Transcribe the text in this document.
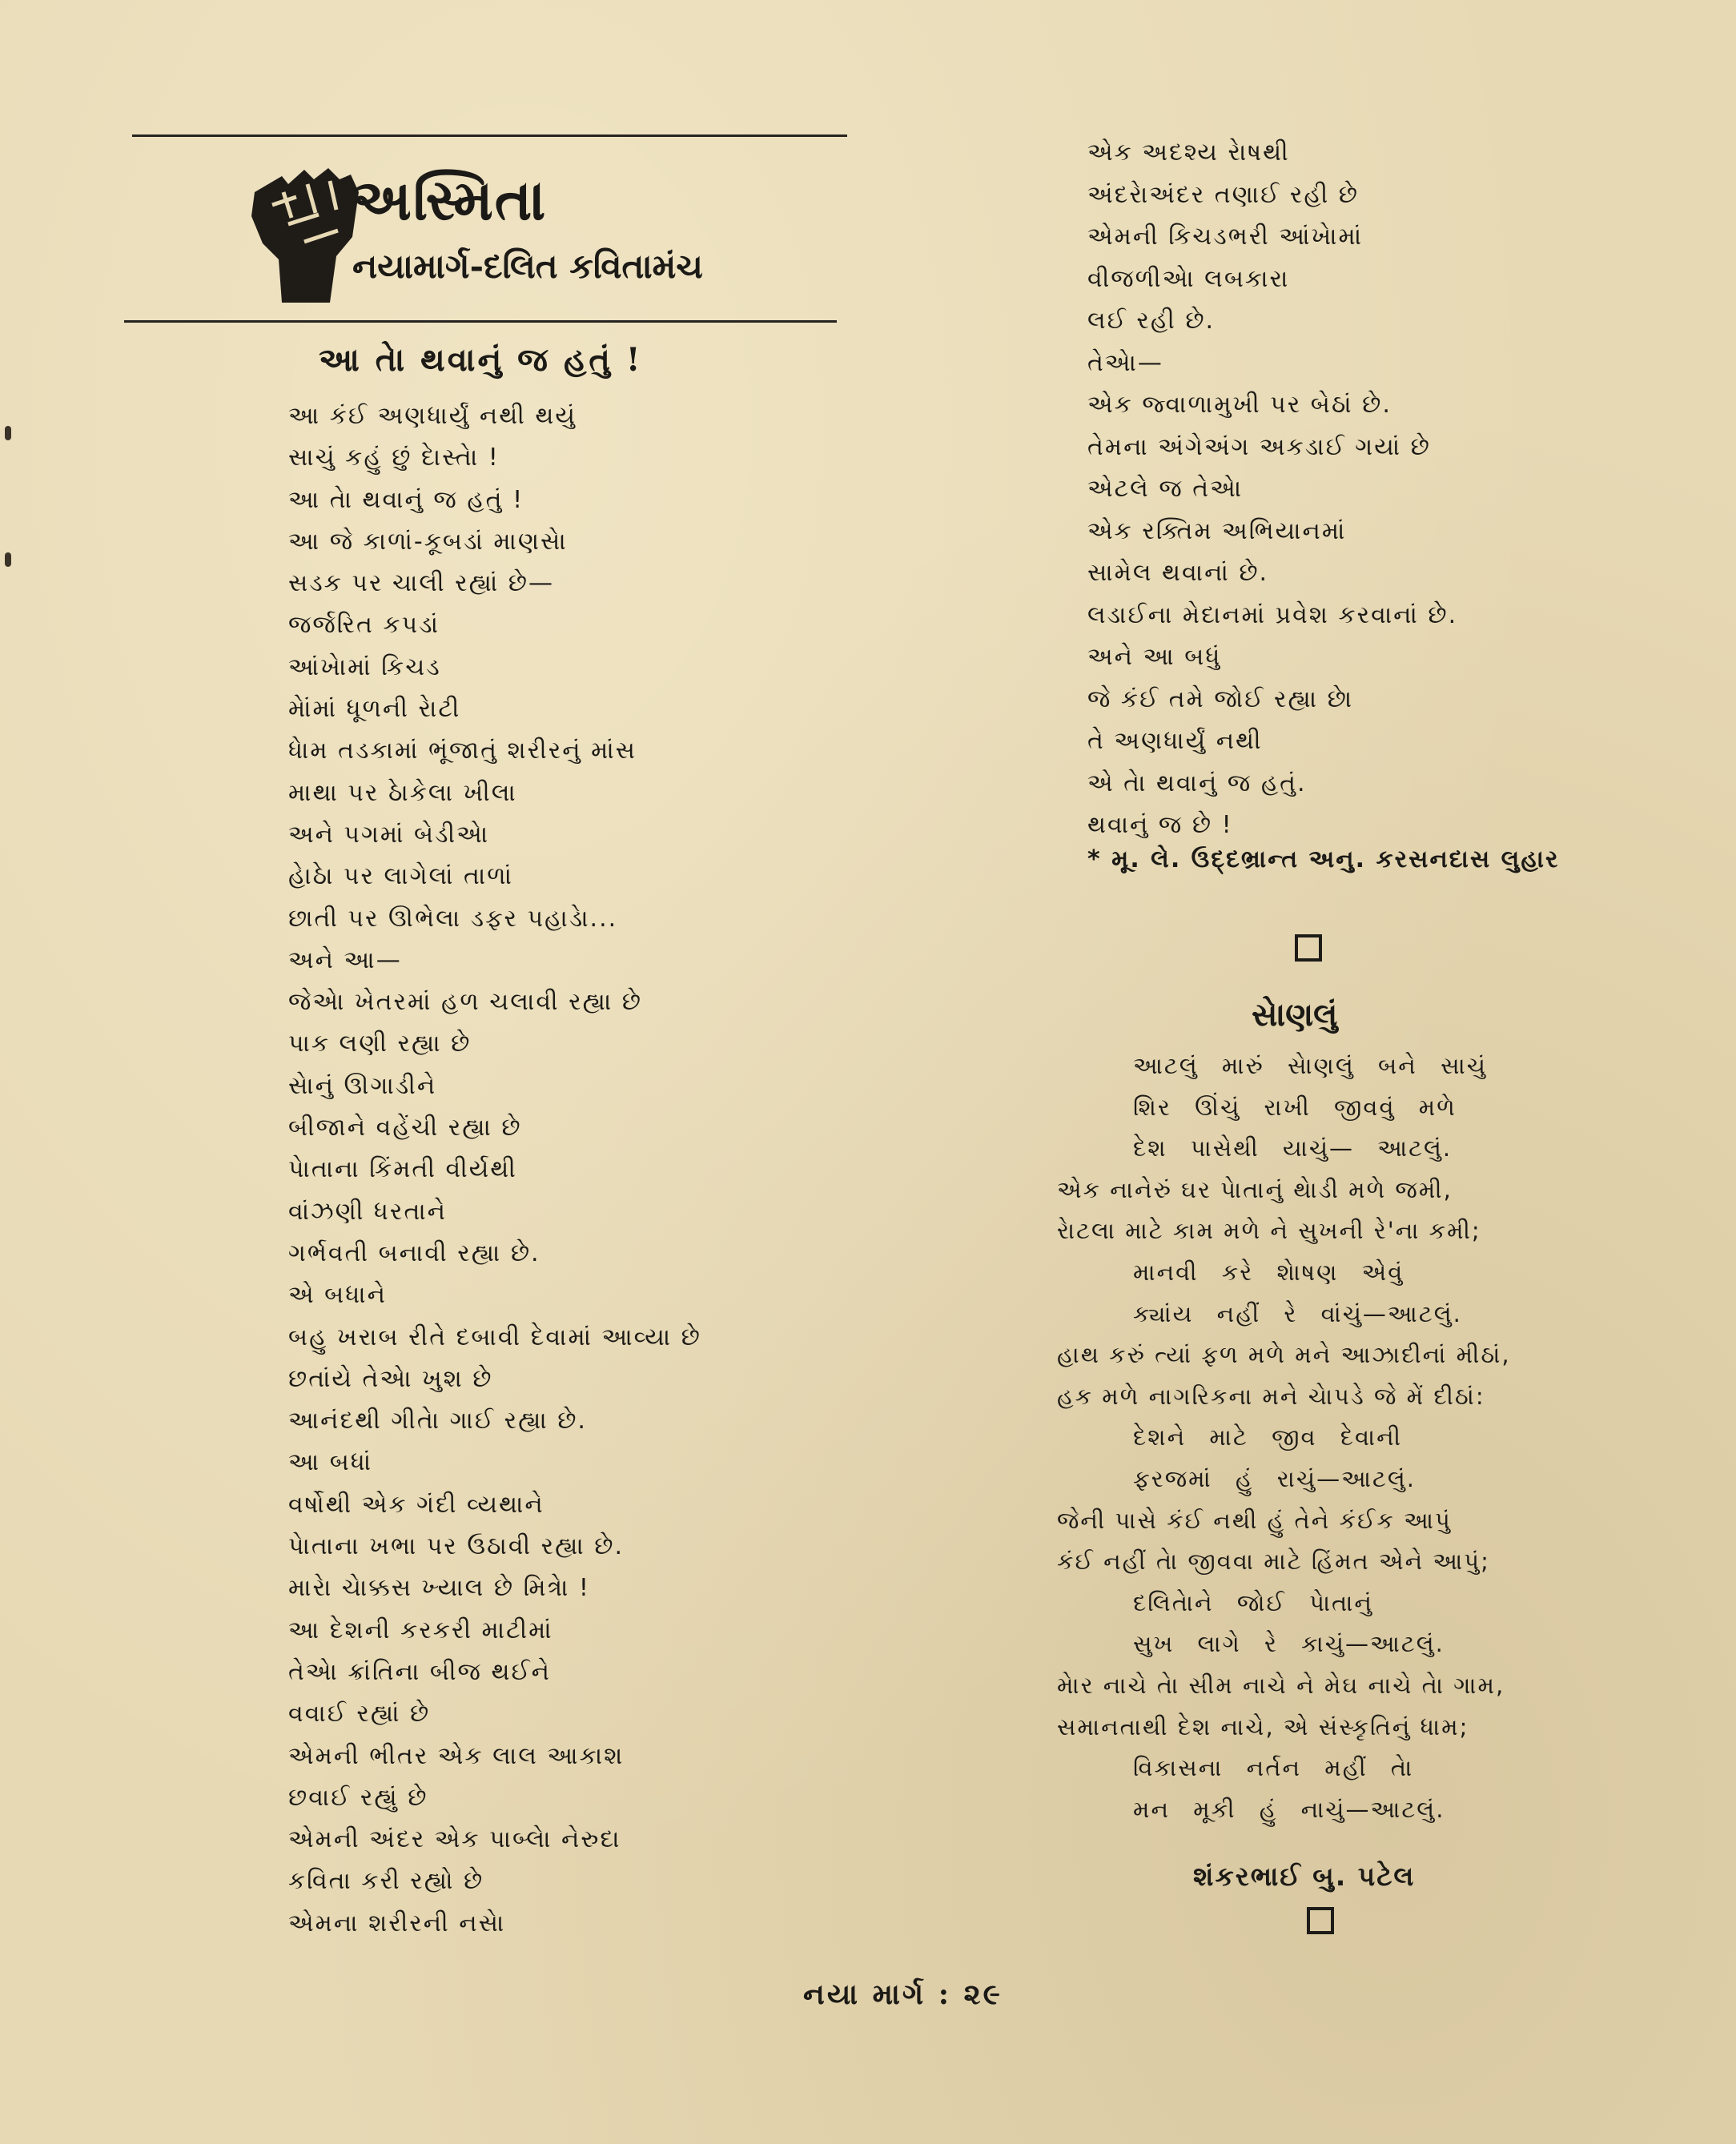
અસ્મિતા
નયામાર્ગ-દલિત કવિતામંચ
આ તેા થવાનું જ હતું !
આ કંઈ અણધાર્યું નથી થયું
સાચું કહું છું દેાસ્તેા !
આ તેા થવાનું જ હતું !
આ જે કાળાં-કૂબડાં માણસેા
સડક પર ચાલી રહ્યાં છે—
જર્જરિત કપડાં
આંખેામાં કિચડ
મેાંમાં ધૂળની રેાટી
ધેામ તડકામાં ભૂંજાતું શરીરનું માંસ
માથા પર ઠેાકેલા ખીલા
અને પગમાં બેડીએા
હેાઠેા પર લાગેલાં તાળાં
છાતી પર ઊભેલા ડફર પહાડેા...
અને આ—
જેએા ખેતરમાં હળ ચલાવી રહ્યા છે
પાક લણી રહ્યા છે
સેાનું ઊગાડીને
બીજાને વહેંચી રહ્યા છે
પેાતાના કિંમતી વીર્યથી
વાંઝણી ધરતાને
ગર્ભવતી બનાવી રહ્યા છે.
એ બધાને
બહુ ખરાબ રીતે દબાવી દેવામાં આવ્યા છે
છતાંયે તેએા ખુશ છે
આનંદથી ગીતેા ગાઈ રહ્યા છે.
આ બધાં
વર્ષોથી એક ગંદી વ્યથાને
પેાતાના ખભા પર ઉઠાવી રહ્યા છે.
મારેા ચેાક્કસ ખ્યાલ છે મિત્રેા !
આ દેશની કરકરી માટીમાં
તેએા ક્રાંતિના બીજ થઈને
વવાઈ રહ્યાં છે
એમની ભીતર એક લાલ આકાશ
છવાઈ રહ્યું છે
એમની અંદર એક પાબ્લેા નેરુદા
કવિતા કરી રહ્યો છે
એમના શરીરની નસેા
એક અદશ્ય રેાષથી
અંદરેાઅંદર તણાઈ રહી છે
એમની કિચડભરી આંખેામાં
વીજળીએા લબકારા
લઈ રહી છે.
તેએા—
એક જ્વાળામુખી પર બેઠાં છે.
તેમના અંગેઅંગ અકડાઈ ગયાં છે
એટલે જ તેએા
એક રક્તિમ અભિયાનમાં
સામેલ થવાનાં છે.
લડાઈના મેદાનમાં પ્રવેશ કરવાનાં છે.
અને આ બધું
જે કંઈ તમે જોઈ રહ્યા છેા
તે અણધાર્યું નથી
એ તેા થવાનું જ હતું.
થવાનું જ છે !
* મૂ. લે. ઉદ્દભ્રાન્ત અનુ. કરસનદાસ લુહાર
સેાણલું
આટલું મારું સેાણલું બને સાચું
શિર ઊંચું રાખી જીવવું મળે
દેશ પાસેથી યાચું— આટલું.
એક નાનેરું ઘર પેાતાનું થેાડી મળે જમી,
રેાટલા માટે કામ મળે ને સુખની રે'ના કમી;
માનવી કરે શેાષણ એવું
ક્યાંય નહીં રે વાંચું—આટલું.
હાથ કરું ત્યાં ફળ મળે મને આઝાદીનાં મીઠાં,
હક મળે નાગરિકના મને ચેાપડે જે મેં દીઠાં:
દેશને માટે જીવ દેવાની
ફરજમાં હું રાચું—આટલું.
જેની પાસે કંઈ નથી હું તેને કંઈક આપું
કંઈ નહીં તેા જીવવા માટે હિંમત એને આપું;
દલિતેાને જોઈ પેાતાનું
સુખ લાગે રે કાચું—આટલું.
મેાર નાચે તેા સીમ નાચે ને મેઘ નાચે તેા ગામ,
સમાનતાથી દેશ નાચે, એ સંસ્કૃતિનું ધામ;
વિકાસના નર્તન મહીં તેા
મન મૂકી હું નાચું—આટલું.
શંકરભાઈ બુ. પટેલ
નયા માર્ગ : ૨૯
